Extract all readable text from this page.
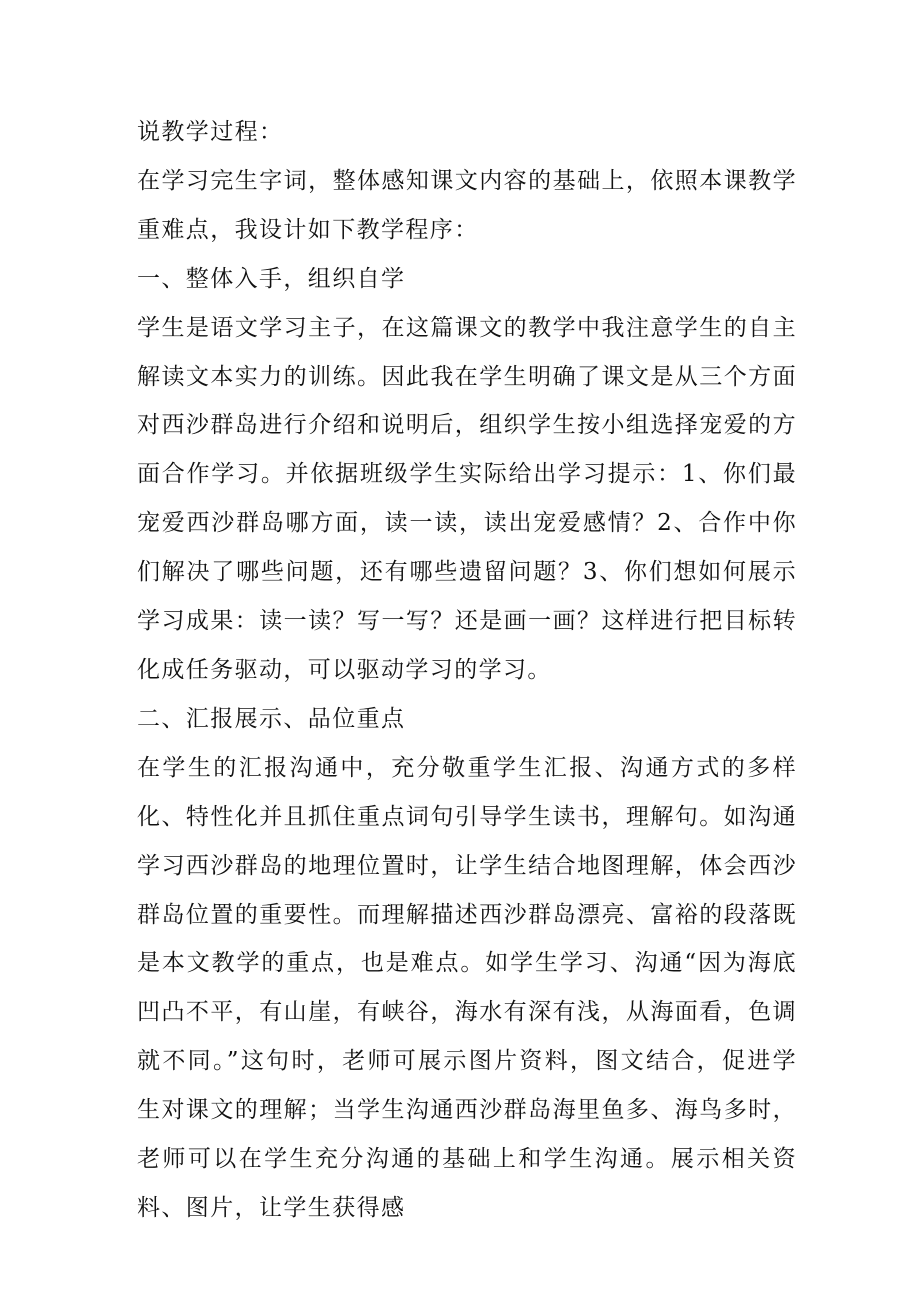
说教学过程：

在学习完生字词，整体感知课文内容的基础上，依照本课教学重难点，我设计如下教学程序：

一、整体入手，组织自学

学生是语文学习主子，在这篇课文的教学中我注意学生的自主解读文本实力的训练。因此我在学生明确了课文是从三个方面对西沙群岛进行介绍和说明后，组织学生按小组选择宠爱的方面合作学习。并依据班级学生实际给出学习提示：1、你们最宠爱西沙群岛哪方面，读一读，读出宠爱感情？2、合作中你们解决了哪些问题，还有哪些遗留问题？3、你们想如何展示学习成果：读一读？写一写？还是画一画？这样进行把目标转化成任务驱动，可以驱动学习的学习。

二、汇报展示、品位重点

在学生的汇报沟通中，充分敬重学生汇报、沟通方式的多样化、特性化并且抓住重点词句引导学生读书，理解句。如沟通学习西沙群岛的地理位置时，让学生结合地图理解，体会西沙群岛位置的重要性。而理解描述西沙群岛漂亮、富裕的段落既是本文教学的重点，也是难点。如学生学习、沟通“因为海底凹凸不平，有山崖，有峡谷，海水有深有浅，从海面看，色调就不同。”这句时，老师可展示图片资料，图文结合，促进学生对课文的理解；当学生沟通西沙群岛海里鱼多、海鸟多时，老师可以在学生充分沟通的基础上和学生沟通。展示相关资料、图片，让学生获得感
